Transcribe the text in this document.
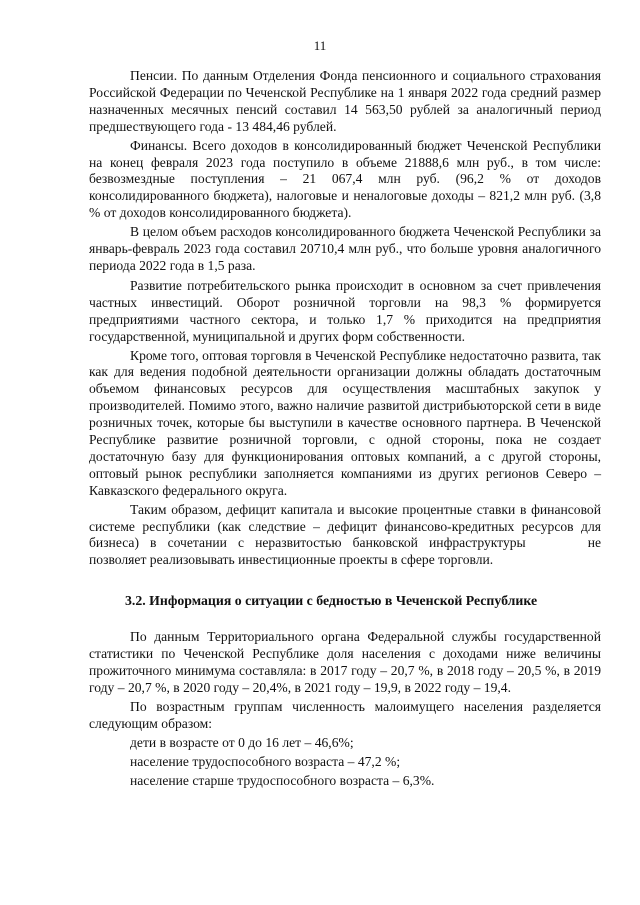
11

Пенсии. По данным Отделения Фонда пенсионного и социального страхования Российской Федерации по Чеченской Республике на 1 января 2022 года средний размер назначенных месячных пенсий составил 14 563,50 рублей за аналогичный период предшествующего года - 13 484,46 рублей.

Финансы. Всего доходов в консолидированный бюджет Чеченской Республики на конец февраля 2023 года поступило в объеме 21888,6 млн руб., в том числе: безвозмездные поступления – 21 067,4 млн руб. (96,2 % от доходов консолидированного бюджета), налоговые и неналоговые доходы – 821,2 млн руб. (3,8 % от доходов консолидированного бюджета).

В целом объем расходов консолидированного бюджета Чеченской Республики за январь-февраль 2023 года составил 20710,4 млн руб., что больше уровня аналогичного периода 2022 года в 1,5 раза.

Развитие потребительского рынка происходит в основном за счет привлечения частных инвестиций. Оборот розничной торговли на 98,3 % формируется предприятиями частного сектора, и только 1,7 % приходится на предприятия государственной, муниципальной и других форм собственности.

Кроме того, оптовая торговля в Чеченской Республике недостаточно развита, так как для ведения подобной деятельности организации должны обладать достаточным объемом финансовых ресурсов для осуществления масштабных закупок у производителей. Помимо этого, важно наличие развитой дистрибьюторской сети в виде розничных точек, которые бы выступили в качестве основного партнера. В Чеченской Республике развитие розничной торговли, с одной стороны, пока не создает достаточную базу для функционирования оптовых компаний, а с другой стороны, оптовый рынок республики заполняется компаниями из других регионов Северо – Кавказского федерального округа.

Таким образом, дефицит капитала и высокие процентные ставки в финансовой системе республики (как следствие – дефицит финансово-кредитных ресурсов для бизнеса) в сочетании с неразвитостью банковской инфраструктуры	не позволяет реализовывать инвестиционные проекты в сфере торговли.

3.2. Информация о ситуации с бедностью в Чеченской Республике

По данным Территориального органа Федеральной службы государственной статистики по Чеченской Республике доля населения с доходами ниже величины прожиточного минимума составляла: в 2017 году – 20,7 %, в 2018 году – 20,5 %, в 2019 году – 20,7 %, в 2020 году – 20,4%, в 2021 году – 19,9, в 2022 году – 19,4.

По возрастным группам численность малоимущего населения разделяется следующим образом:

дети в возрасте от 0 до 16 лет – 46,6%;

население трудоспособного возраста – 47,2 %;

население старше трудоспособного возраста – 6,3%.
